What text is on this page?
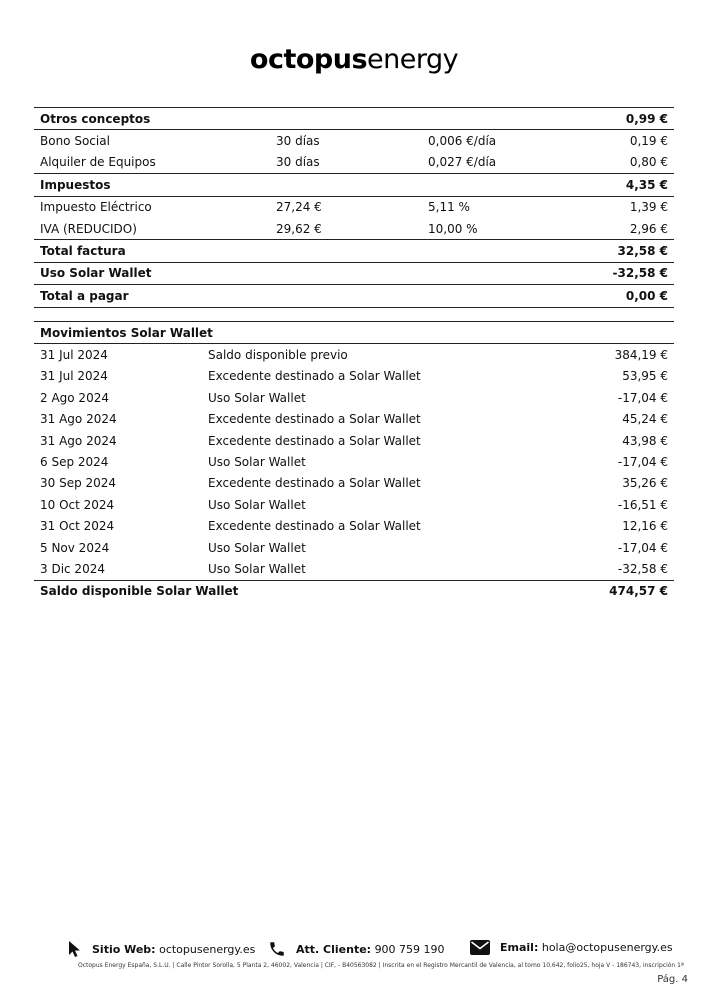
octopusenergy
Otros conceptos			0,99 €
Bono Social	30 días	0,006 €/día	0,19 €
Alquiler de Equipos	30 días	0,027 €/día	0,80 €
Impuestos			4,35 €
Impuesto Eléctrico	27,24 €	5,11 %	1,39 €
IVA (REDUCIDO)	29,62 €	10,00 %	2,96 €
Total factura			32,58 €
Uso Solar Wallet			-32,58 €
Total a pagar			0,00 €
Movimientos Solar Wallet		
31 Jul 2024	Saldo disponible previo	384,19 €
31 Jul 2024	Excedente destinado a Solar Wallet	53,95 €
2 Ago 2024	Uso Solar Wallet	-17,04 €
31 Ago 2024	Excedente destinado a Solar Wallet	45,24 €
31 Ago 2024	Excedente destinado a Solar Wallet	43,98 €
6 Sep 2024	Uso Solar Wallet	-17,04 €
30 Sep 2024	Excedente destinado a Solar Wallet	35,26 €
10 Oct 2024	Uso Solar Wallet	-16,51 €
31 Oct 2024	Excedente destinado a Solar Wallet	12,16 €
5 Nov 2024	Uso Solar Wallet	-17,04 €
3 Dic 2024	Uso Solar Wallet	-32,58 €
Saldo disponible Solar Wallet		474,57 €
Sitio Web:
octopusenergy.es	Att. Cliente:
900 759 190	Email:
hola@octopusenergy.es
Octopus Energy España, S.L.U. | Calle Pintor Sorolla, 5 Planta 2, 46002, Valencia | CIF, - B40563082 | Inscrita en el Registro Mercantil de Valencia, al tomo 10.642, folio25, hoja V - 186743, inscripción 1ª
Pág. 4
